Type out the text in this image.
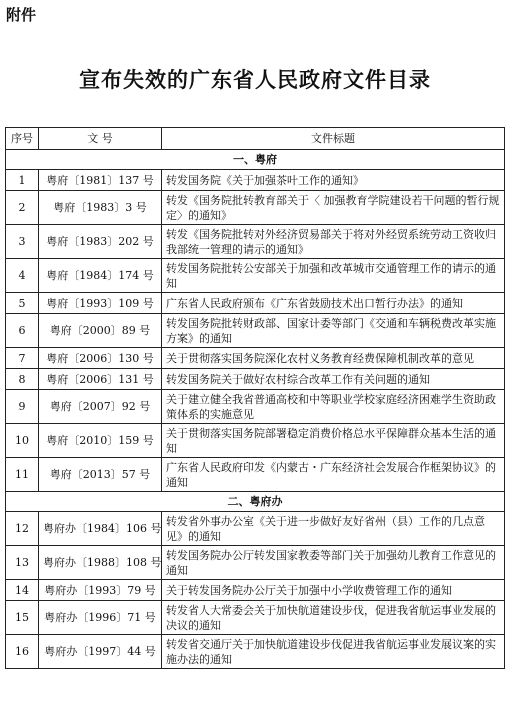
附件
宣布失效的广东省人民政府文件目录
序号	文 号	文件标题
一、粤府		
1	粤府〔1981〕137 号	转发国务院《关于加强茶叶工作的通知》
2	粤府〔1983〕3 号	转发《国务院批转教育部关于〈 加强教育学院建设若干问题的暂行规定〉的通知》
3	粤府〔1983〕202 号	转发《国务院批转对外经济贸易部关于将对外经贸系统劳动工资收归我部统一管理的请示的通知》
4	粤府〔1984〕174 号	转发国务院批转公安部关于加强和改革城市交通管理工作的请示的通知
5	粤府〔1993〕109 号	广东省人民政府颁布《广东省鼓励技术出口暂行办法》的通知
6	粤府〔2000〕89 号	转发国务院批转财政部、国家计委等部门《交通和车辆税费改革实施方案》的通知
7	粤府〔2006〕130 号	关于贯彻落实国务院深化农村义务教育经费保障机制改革的意见
8	粤府〔2006〕131 号	转发国务院关于做好农村综合改革工作有关问题的通知
9	粤府〔2007〕92 号	关于建立健全我省普通高校和中等职业学校家庭经济困难学生资助政策体系的实施意见
10	粤府〔2010〕159 号	关于贯彻落实国务院部署稳定消费价格总水平保障群众基本生活的通知
11	粤府〔2013〕57 号	广东省人民政府印发《内蒙古・广东经济社会发展合作框架协议》的通知
二、粤府办		
12	粤府办〔1984〕106 号	转发省外事办公室《关于进一步做好友好省州（县）工作的几点意见》的通知
13	粤府办〔1988〕108 号	转发国务院办公厅转发国家教委等部门关于加强幼儿教育工作意见的通知
14	粤府办〔1993〕79 号	关于转发国务院办公厅关于加强中小学收费管理工作的通知
15	粤府办〔1996〕71 号	转发省人大常委会关于加快航道建设步伐，促进我省航运事业发展的决议的通知
16	粤府办〔1997〕44 号	转发省交通厅关于加快航道建设步伐促进我省航运事业发展议案的实施办法的通知
